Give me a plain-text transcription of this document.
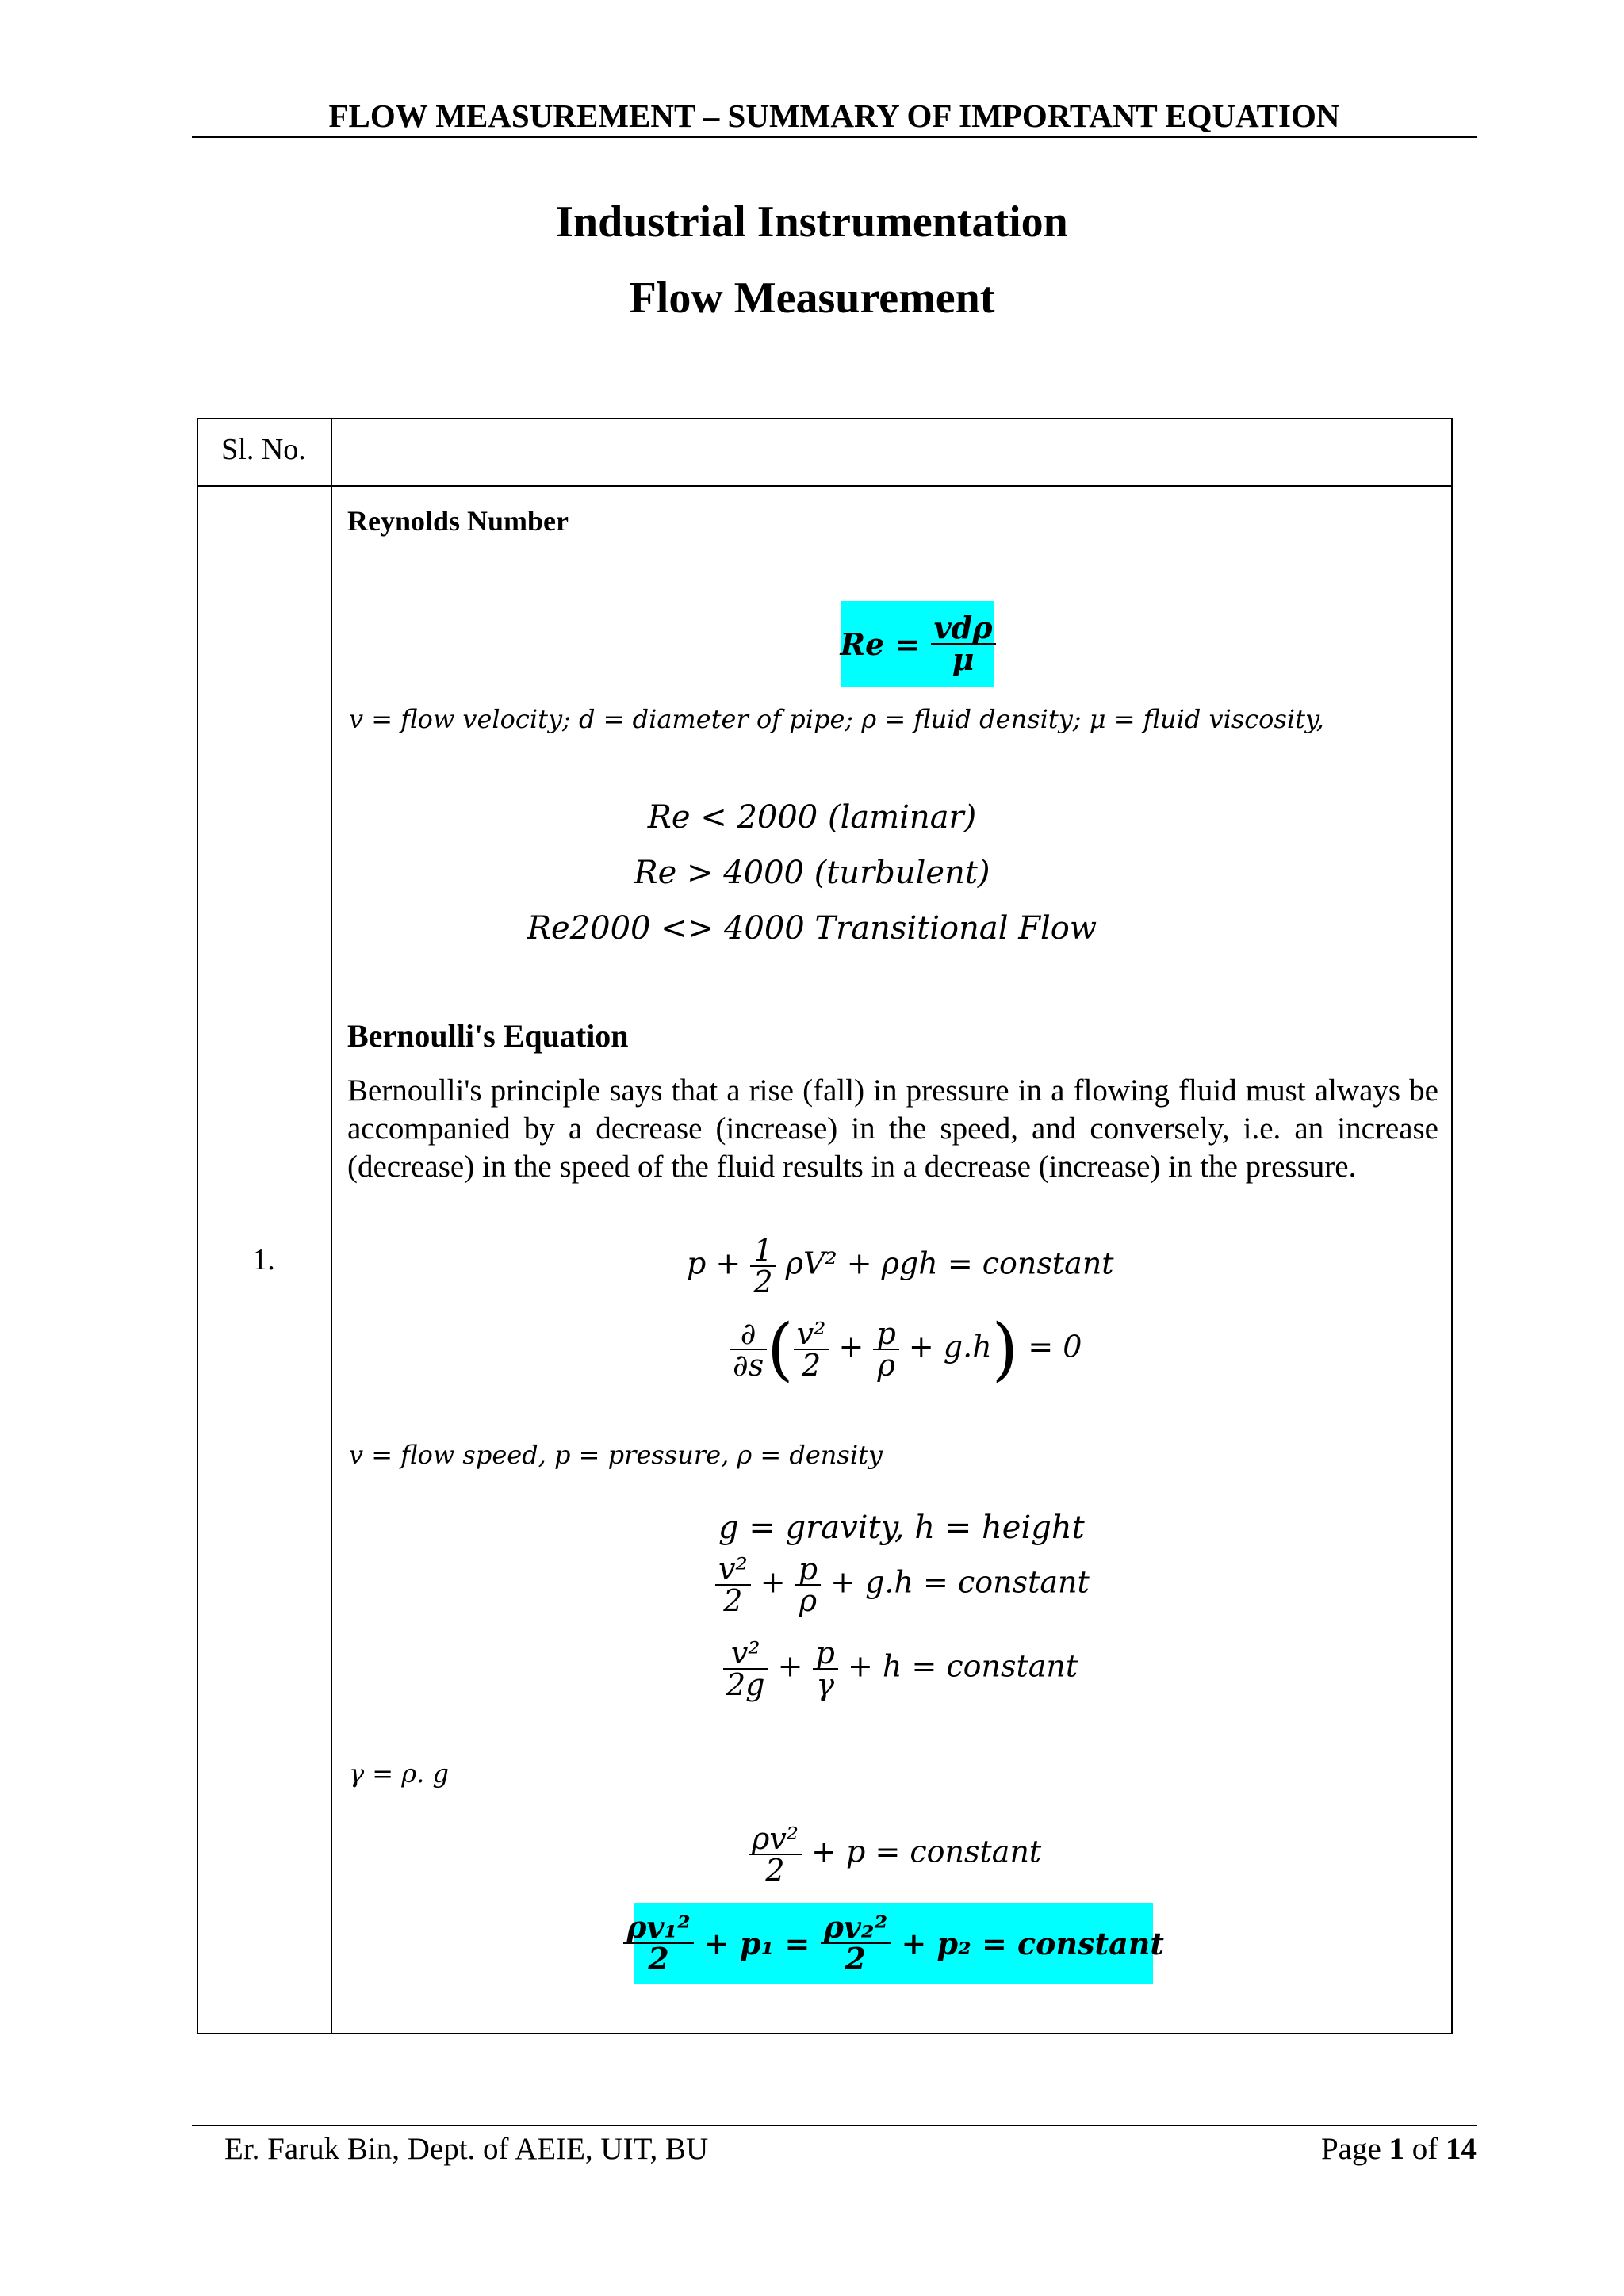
FLOW MEASUREMENT – SUMMARY OF IMPORTANT EQUATION
Industrial Instrumentation
Flow Measurement
Sl. No.
1.
Reynolds Number
Re =
$\frac{\text{vdρ}}{\mu}$
v = flow velocity; d = diameter of pipe; ρ = fluid density; μ = fluid viscosity,
Re < 2000 (laminar)
Re > 4000 (turbulent)
Re2000 <> 4000 Transitional Flow
Bernoulli's Equation
Bernoulli's principle says that a rise (fall) in pressure in a flowing fluid must always be accompanied by a decrease (increase) in the speed, and conversely, i.e. an increase (decrease) in the speed of the fluid results in a decrease (increase) in the pressure.
$p + \frac{1}{2} \rho V^2 + \rho gh$ = constant
$\frac{\partial}{\partial s}$ ( $\frac{\text{v²}}{2} + \frac{p}{\rho} + g.h) = 0$
v = flow speed, p = pressure, ρ = density
g = gravity, h = height
$\frac{\text{v²}}{2} + \frac{p}{\rho} + g.h$ = constant
$\frac{\text{v²}}{2g} + \frac{p}{\gamma} + h$ = constant
γ = ρ. g
$\frac{\text{ρv²}}{2} + p$ = constant
$\frac{\text{ρv₁²}}{2}$
+ p₁ =
$\frac{\text{ρv₂²}}{2}$
+ p₂ = constant
Er. Faruk Bin, Dept. of AEIE, UIT, BU	Page 1 of 14
